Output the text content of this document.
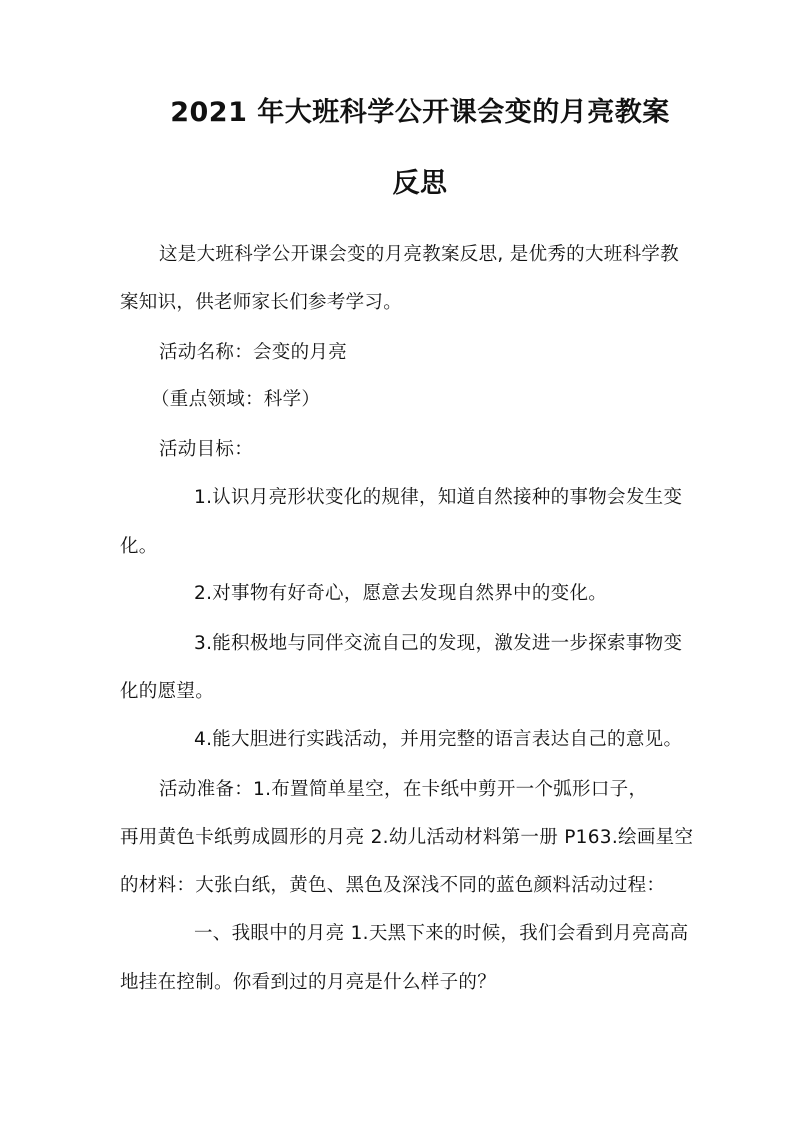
2021 年大班科学公开课会变的月亮教案
反思
这是大班科学公开课会变的月亮教案反思, 是优秀的大班科学教
案知识，供老师家长们参考学习。
活动名称：会变的月亮
（重点领域：科学）
活动目标：
1.认识月亮形状变化的规律，知道自然接种的事物会发生变
化。
2.对事物有好奇心，愿意去发现自然界中的变化。
3.能积极地与同伴交流自己的发现，激发进一步探索事物变
化的愿望。
4.能大胆进行实践活动，并用完整的语言表达自己的意见。
活动准备：1.布置简单星空，在卡纸中剪开一个弧形口子，
再用黄色卡纸剪成圆形的月亮 2.幼儿活动材料第一册 P163.绘画星空
的材料：大张白纸，黄色、黑色及深浅不同的蓝色颜料活动过程：
一、我眼中的月亮 1.天黑下来的时候，我们会看到月亮高高
地挂在控制。你看到过的月亮是什么样子的？
